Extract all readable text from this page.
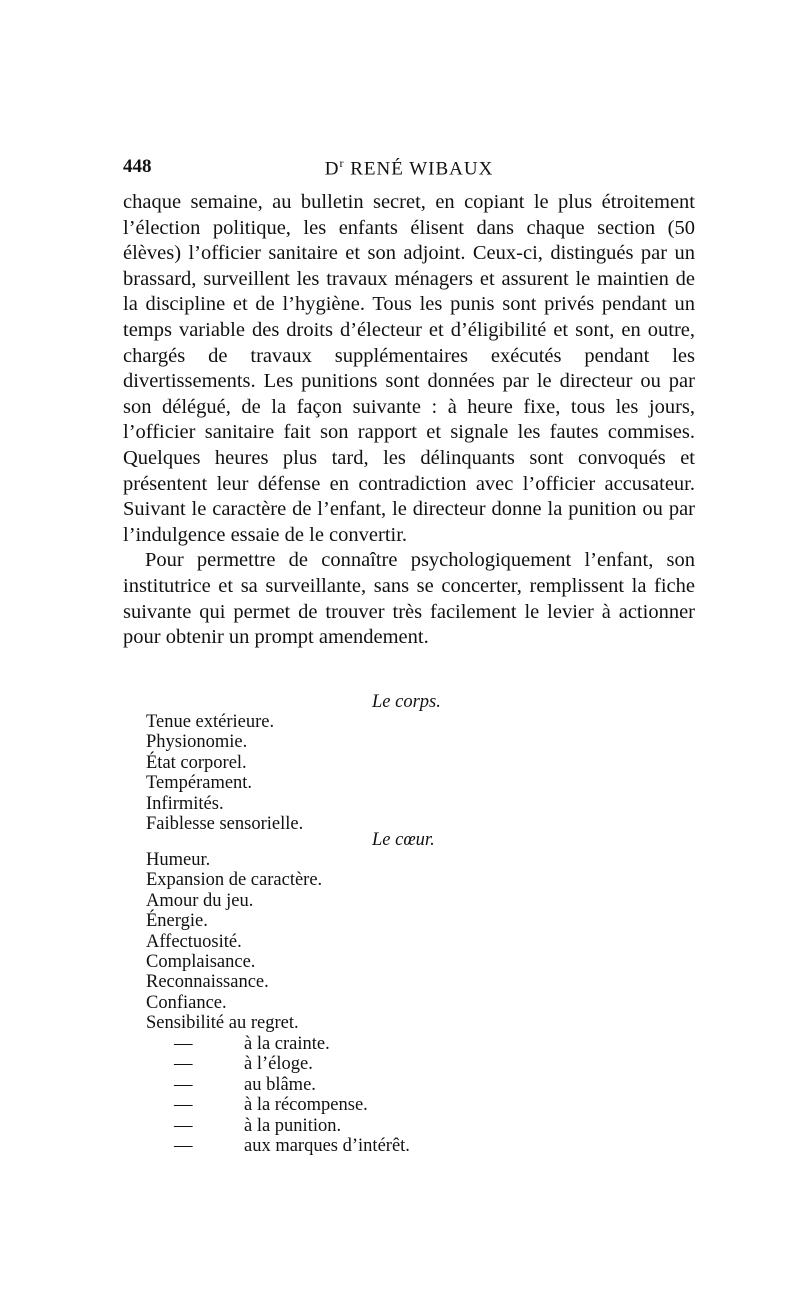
448	$D^r$ RENÉ WIBAUX

chaque semaine, au bulletin secret, en copiant le plus étroitement l’élection politique, les enfants élisent dans chaque section (50 élèves) l’officier sanitaire et son adjoint. Ceux-ci, distingués par un brassard, surveillent les travaux ménagers et assurent le maintien de la discipline et de l’hygiène. Tous les punis sont privés pendant un temps variable des droits d’électeur et d’éligibilité et sont, en outre, chargés de travaux supplémentaires exécutés pendant les divertissements. Les punitions sont données par le directeur ou par son délégué, de la façon suivante : à heure fixe, tous les jours, l’officier sanitaire fait son rapport et signale les fautes commises. Quelques heures plus tard, les délinquants sont convoqués et présentent leur défense en contradiction avec l’officier accusateur. Suivant le caractère de l’enfant, le directeur donne la punition ou par l’indulgence essaie de le convertir.

Pour permettre de connaître psychologiquement l’enfant, son institutrice et sa surveillante, sans se concerter, remplissent la fiche suivante qui permet de trouver très facilement le levier à actionner pour obtenir un prompt amendement.

Le corps.
Tenue extérieure.
Physionomie.
État corporel.
Tempérament.
Infirmités.
Faiblesse sensorielle.
Le cœur.
Humeur.
Expansion de caractère.
Amour du jeu.
Énergie.
Affectuosité.
Complaisance.
Reconnaissance.
Confiance.
Sensibilité au regret.
—	à la crainte.
—	à l’éloge.
—	au blâme.
—	à la récompense.
—	à la punition.
—	aux marques d’intérêt.
